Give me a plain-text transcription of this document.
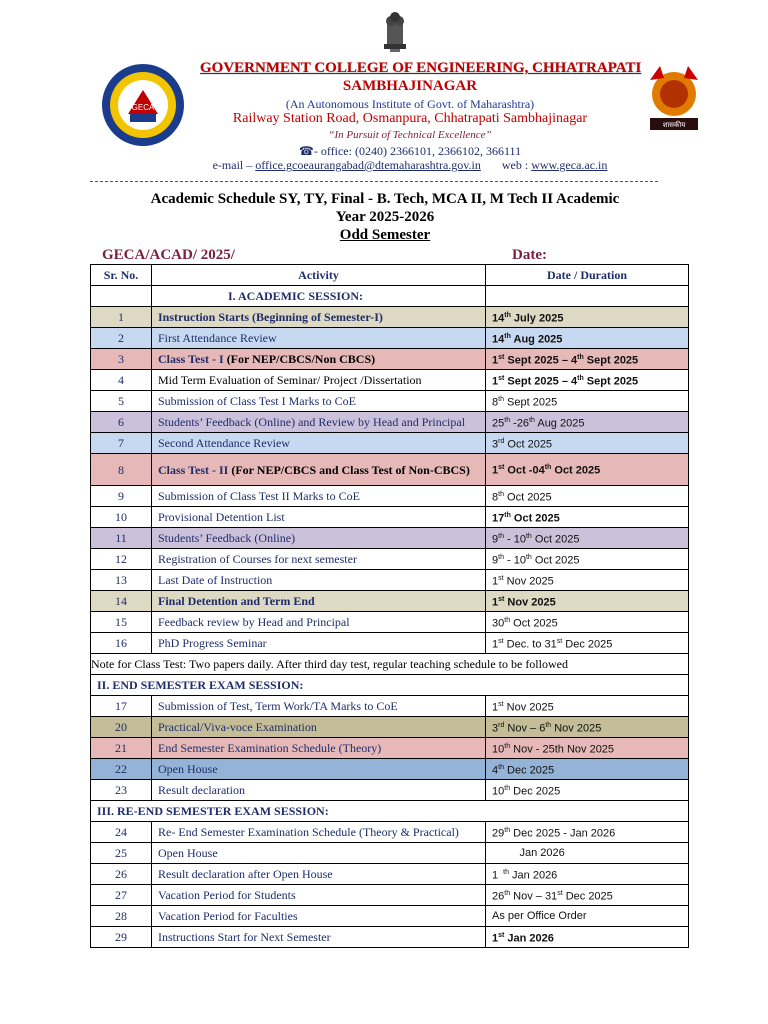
GECA
शासकीय
GOVERNMENT COLLEGE OF ENGINEERING, CHHATRAPATI
SAMBHAJINAGAR
(An Autonomous Institute of Govt. of Maharashtra)
Railway Station Road, Osmanpura, Chhatrapati Sambhajinagar
“In Pursuit of Technical Excellence”
☎- office: (0240) 2366101, 2366102, 366111
e-mail – office.gcoeaurangabad@dtemaharashtra.gov.in web : www.geca.ac.in
Academic Schedule SY, TY, Final - B. Tech, MCA II, M Tech II Academic
Year 2025-2026
Odd Semester
GECA/ACAD/ 2025/	Date:
Sr. No.	Activity	Date / Duration
	I. ACADEMIC SESSION:	
1	Instruction Starts (Beginning of Semester-I)	14th July 2025
2	First Attendance Review	14th Aug 2025
3	Class Test - I (For NEP/CBCS/Non CBCS)	1st Sept 2025 – 4th Sept 2025
4	Mid Term Evaluation of Seminar/ Project /Dissertation	1st Sept 2025 – 4th Sept 2025
5	Submission of Class Test I Marks to CoE	8th Sept 2025
6	Students’ Feedback (Online) and Review by Head and Principal	25th -26th Aug 2025
7	Second Attendance Review	3rd Oct 2025
8	Class Test - II (For NEP/CBCS and Class Test of Non-CBCS)	1st Oct -04th Oct 2025
9	Submission of Class Test II Marks to CoE	8th Oct 2025
10	Provisional Detention List	17th Oct 2025
11	Students’ Feedback (Online)	9th - 10th Oct 2025
12	Registration of Courses for next semester	9th - 10th Oct 2025
13	Last Date of Instruction	1st Nov 2025
14	Final Detention and Term End	1st Nov 2025
15	Feedback review by Head and Principal	30th Oct 2025
16	PhD Progress Seminar	1st Dec. to 31st Dec 2025
Note for Class Test: Two papers daily. After third day test, regular teaching schedule to be followed		
II. END SEMESTER EXAM SESSION:		
17	Submission of Test, Term Work/TA Marks to CoE	1st Nov 2025
20	Practical/Viva-voce Examination	3rd Nov – 6th Nov 2025
21	End Semester Examination Schedule (Theory)	10th Nov - 25th Nov 2025
22	Open House	4th Dec 2025
23	Result declaration	10th Dec 2025
III. RE-END SEMESTER EXAM SESSION:		
24	Re- End Semester Examination Schedule (Theory & Practical)	29th Dec 2025 - Jan 2026
25	Open House	Jan 2026
26	Result declaration after Open House	1  $^{th}$ Jan 2026
27	Vacation Period for Students	26th Nov – 31st Dec 2025
28	Vacation Period for Faculties	As per Office Order
29	Instructions Start for Next Semester	1st Jan 2026
